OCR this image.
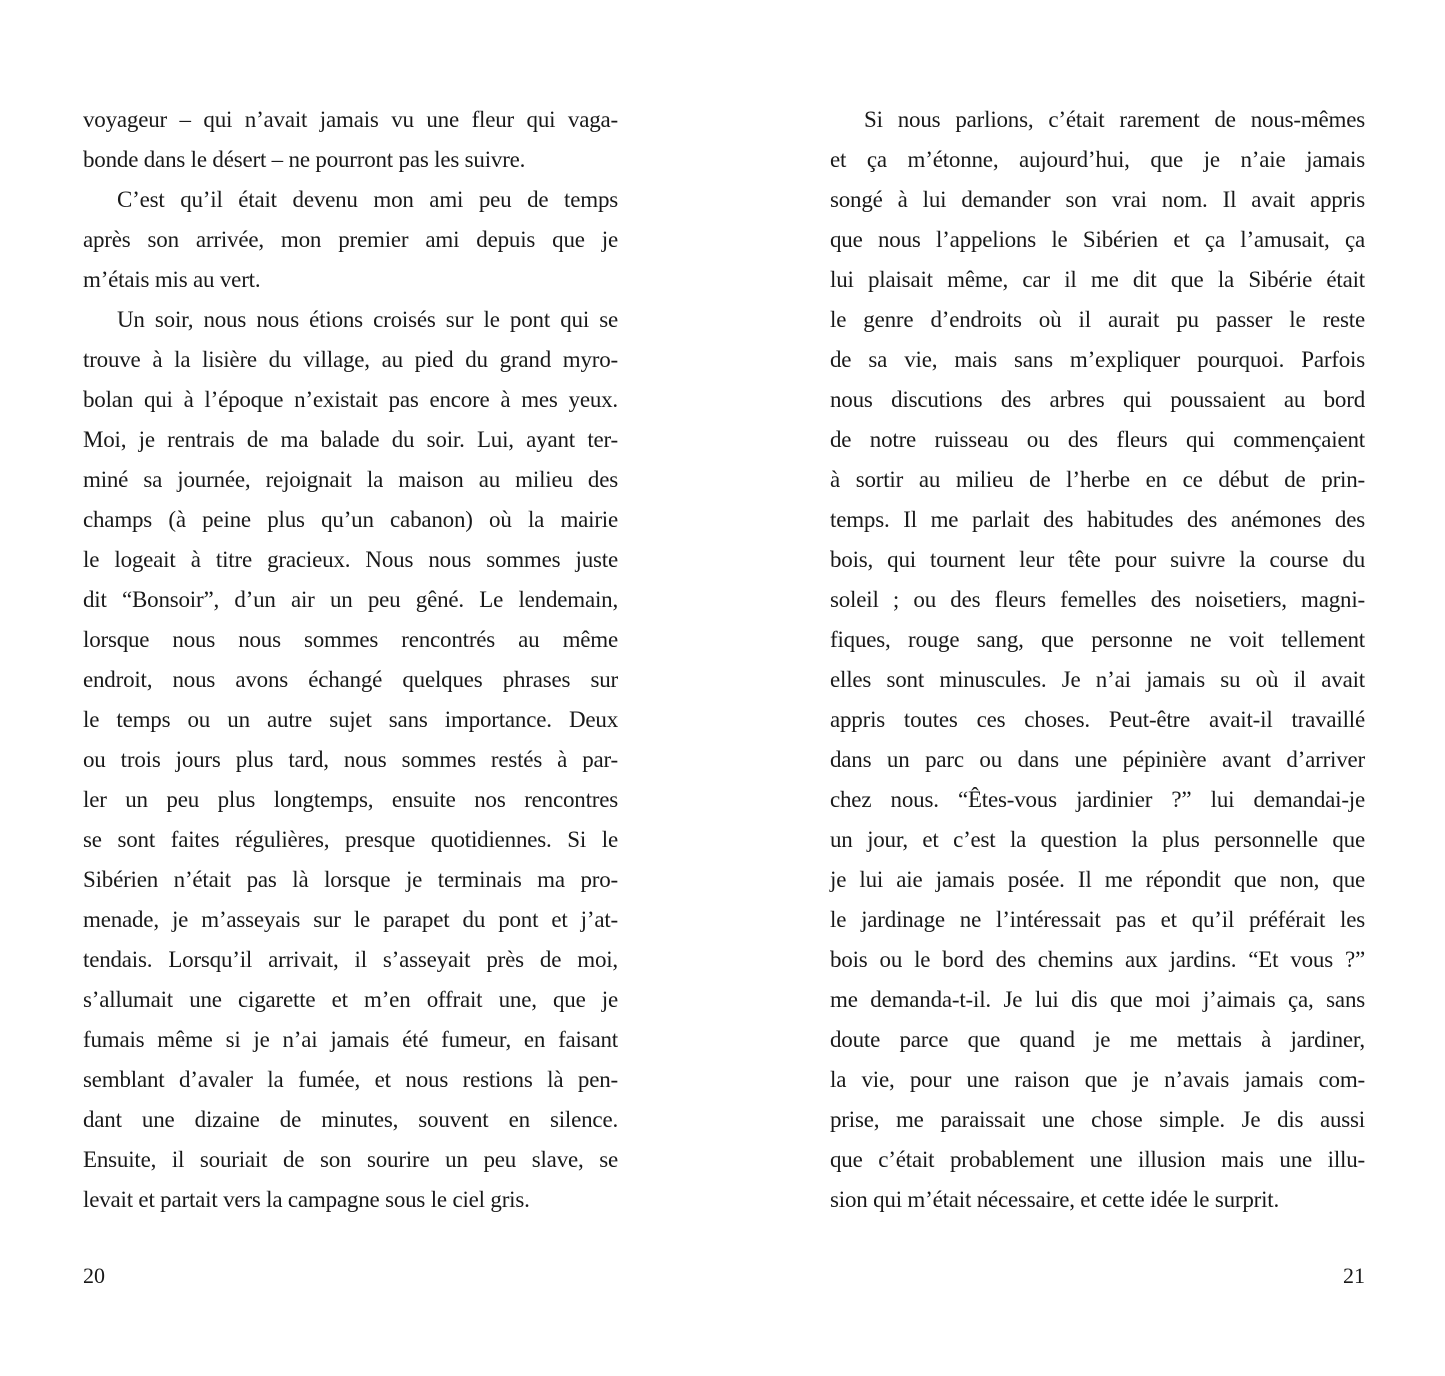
voyageur – qui n’avait jamais vu une fleur qui vaga-
bonde dans le désert – ne pourront pas les suivre.
C’est qu’il était devenu mon ami peu de temps
après son arrivée, mon premier ami depuis que je
m’étais mis au vert.
Un soir, nous nous étions croisés sur le pont qui se
trouve à la lisière du village, au pied du grand myro-
bolan qui à l’époque n’existait pas encore à mes yeux.
Moi, je rentrais de ma balade du soir. Lui, ayant ter-
miné sa journée, rejoignait la maison au milieu des
champs (à peine plus qu’un cabanon) où la mairie
le logeait à titre gracieux. Nous nous sommes juste
dit “Bonsoir”, d’un air un peu gêné. Le lendemain,
lorsque nous nous sommes rencontrés au même
endroit, nous avons échangé quelques phrases sur
le temps ou un autre sujet sans importance. Deux
ou trois jours plus tard, nous sommes restés à par-
ler un peu plus longtemps, ensuite nos rencontres
se sont faites régulières, presque quotidiennes. Si le
Sibérien n’était pas là lorsque je terminais ma pro-
menade, je m’asseyais sur le parapet du pont et j’at-
tendais. Lorsqu’il arrivait, il s’asseyait près de moi,
s’allumait une cigarette et m’en offrait une, que je
fumais même si je n’ai jamais été fumeur, en faisant
semblant d’avaler la fumée, et nous restions là pen-
dant une dizaine de minutes, souvent en silence.
Ensuite, il souriait de son sourire un peu slave, se
levait et partait vers la campagne sous le ciel gris.
20
Si nous parlions, c’était rarement de nous-mêmes
et ça m’étonne, aujourd’hui, que je n’aie jamais
songé à lui demander son vrai nom. Il avait appris
que nous l’appelions le Sibérien et ça l’amusait, ça
lui plaisait même, car il me dit que la Sibérie était
le genre d’endroits où il aurait pu passer le reste
de sa vie, mais sans m’expliquer pourquoi. Parfois
nous discutions des arbres qui poussaient au bord
de notre ruisseau ou des fleurs qui commençaient
à sortir au milieu de l’herbe en ce début de prin-
temps. Il me parlait des habitudes des anémones des
bois, qui tournent leur tête pour suivre la course du
soleil ; ou des fleurs femelles des noisetiers, magni-
fiques, rouge sang, que personne ne voit tellement
elles sont minuscules. Je n’ai jamais su où il avait
appris toutes ces choses. Peut-être avait-il travaillé
dans un parc ou dans une pépinière avant d’arriver
chez nous. “Êtes-vous jardinier ?” lui demandai-je
un jour, et c’est la question la plus personnelle que
je lui aie jamais posée. Il me répondit que non, que
le jardinage ne l’intéressait pas et qu’il préférait les
bois ou le bord des chemins aux jardins. “Et vous ?”
me demanda-t-il. Je lui dis que moi j’aimais ça, sans
doute parce que quand je me mettais à jardiner,
la vie, pour une raison que je n’avais jamais com-
prise, me paraissait une chose simple. Je dis aussi
que c’était probablement une illusion mais une illu-
sion qui m’était nécessaire, et cette idée le surprit.
21
